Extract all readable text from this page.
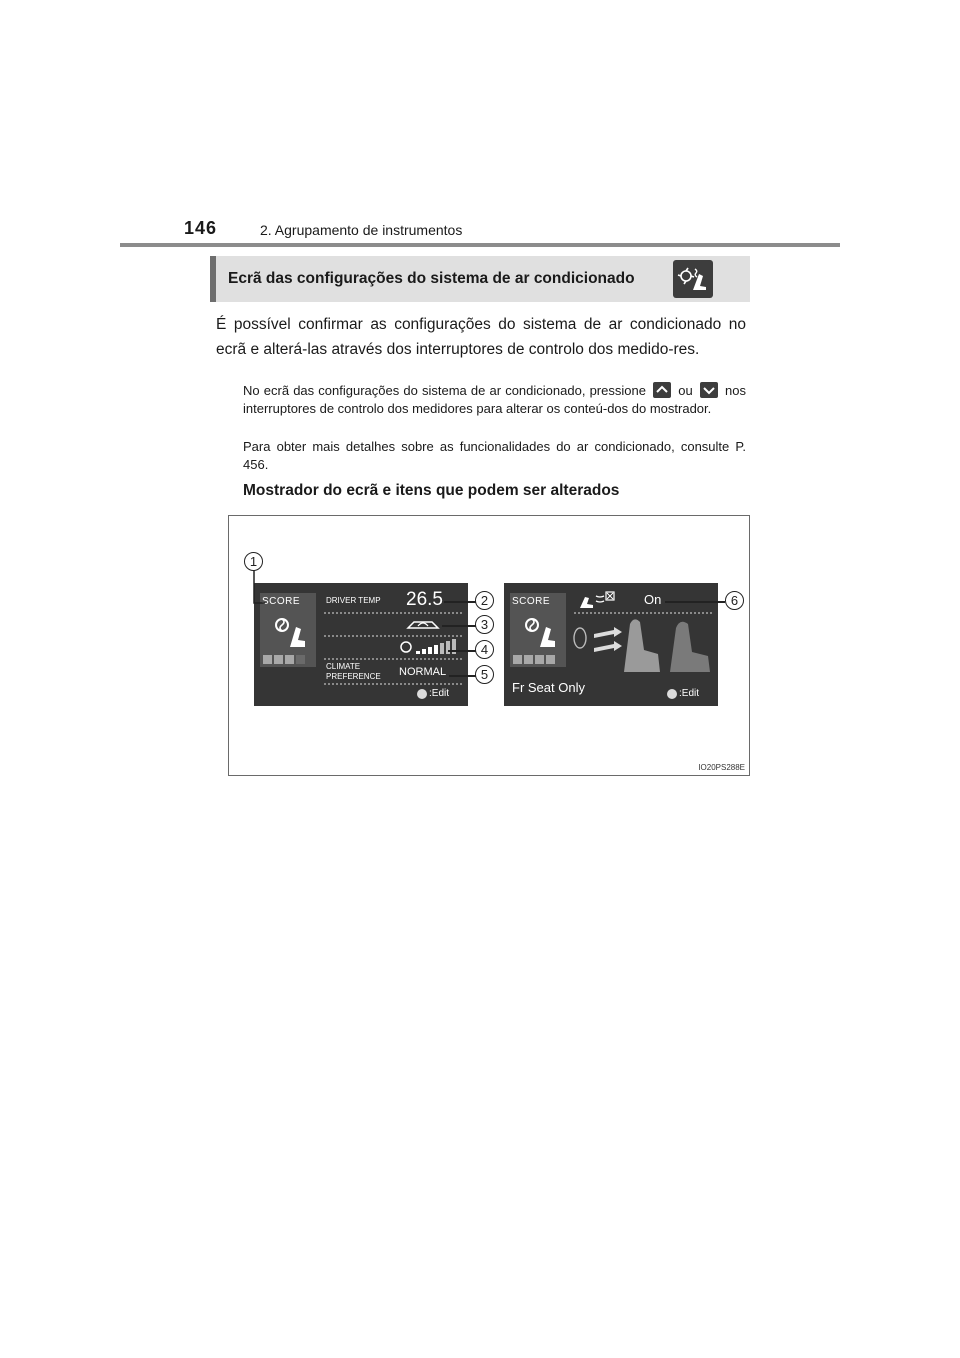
146	2. Agrupamento de instrumentos
Ecrã das configurações do sistema de ar condicionado
É possível confirmar as configurações do sistema de ar condicionado no ecrã e alterá-las através dos interruptores de controlo dos medido-res.
No ecrã das configurações do sistema de ar condicionado, pressione ou nos interruptores de controlo dos medidores para alterar os conteú-dos do mostrador.
Para obter mais detalhes sobre as funcionalidades do ar condicionado, consulte P. 456.
Mostrador do ecrã e itens que podem ser alterados
SCORE	DRIVER TEMP 26.5
CLIMATE
PREFERENCE NORMAL
:Edit
SCORE	On
Fr Seat Only	:Edit
1
2
3
4
5
6
IO20PS288E
